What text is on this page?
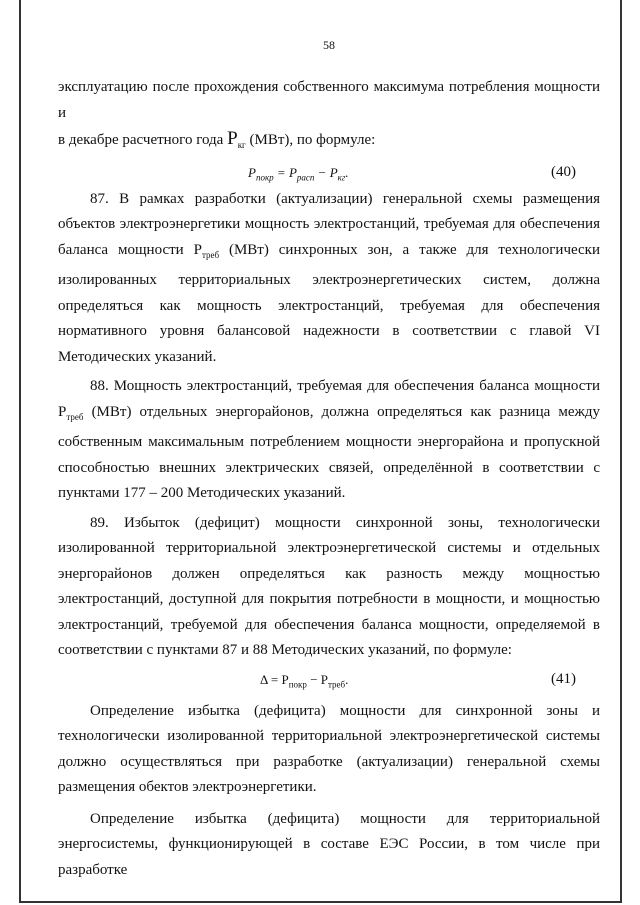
58

эксплуатацию после прохождения собственного максимума потребления мощности и
в декабре расчетного года $P_{кг}$ (МВт), по формуле:

$P_{покр} = P_{расп} - P_{кг}$.	(40)

87. В рамках разработки (актуализации) генеральной схемы размещения объектов электроэнергетики мощность электростанций, требуемая для обеспечения баланса мощности $P_{треб}$ (МВт) синхронных зон, а также для технологически изолированных территориальных электроэнергетических систем, должна определяться как мощность электростанций, требуемая для обеспечения нормативного уровня балансовой надежности в соответствии с главой VI Методических указаний.

88. Мощность электростанций, требуемая для обеспечения баланса мощности $P_{треб}$ (МВт) отдельных энергорайонов, должна определяться как разница между собственным максимальным потреблением мощности энергорайона и пропускной способностью внешних электрических связей, определённой в соответствии с пунктами 177 – 200 Методических указаний.

89. Избыток (дефицит) мощности синхронной зоны, технологически изолированной территориальной электроэнергетической системы и отдельных энергорайонов должен определяться как разность между мощностью электростанций, доступной для покрытия потребности в мощности, и мощностью электростанций, требуемой для обеспечения баланса мощности, определяемой в соответствии с пунктами 87 и 88 Методических указаний, по формуле:

$\Delta = P_{покр} - P_{треб}$.	(41)

Определение избытка (дефицита) мощности для синхронной зоны и технологически изолированной территориальной электроэнергетической системы должно осуществляться при разработке (актуализации) генеральной схемы размещения обектов электроэнергетики.

Определение избытка (дефицита) мощности для территориальной энергосистемы, функционирующей в составе ЕЭС России, в том числе при разработке
